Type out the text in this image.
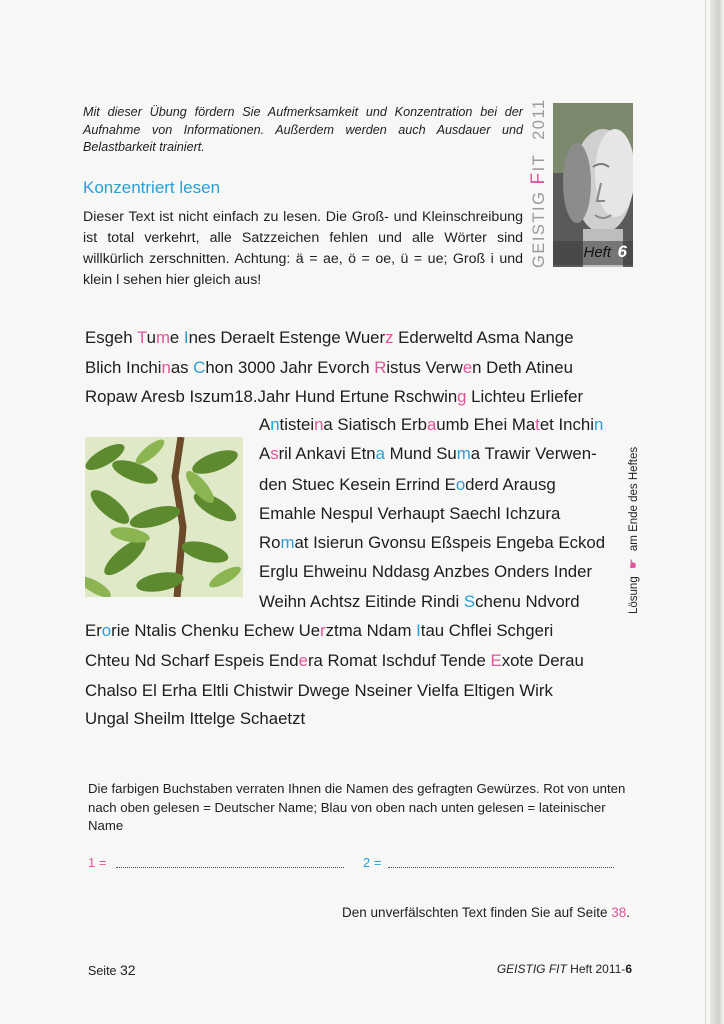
Mit dieser Übung fördern Sie Aufmerksamkeit und Konzentration bei der Aufnahme von Informationen. Außerdem werden auch Ausdauer und Belastbarkeit trainiert.

Konzentriert lesen

Dieser Text ist nicht einfach zu lesen. Die Groß- und Kleinschreibung ist total verkehrt, alle Satzzeichen fehlen und alle Wörter sind willkürlich zerschnitten. Achtung: ä = ae, ö = oe, ü = ue; Groß i und klein l sehen hier gleich aus!

GEISTIG FIT 2011
Heft 6
Esgeh Tume Ines Deraelt Estenge Wuerz Ederweltd Asma Nange
Blich Inchinas Chon 3000 Jahr Evorch Ristus Verwen Deth Atineu
Ropaw Aresb Iszum18.Jahr Hund Ertune Rschwing Lichteu Erliefer
Antisteina Siatisch Erbaumb Ehei Matet Inchin
Asril Ankavi Etna Mund Suma Trawir Verwen-
den Stuec Kesein Errind Eoderd Arausg
Emahle Nespul Verhaupt Saechl Ichzura
Romat Isierun Gvonsu Eßspeis Engeba Eckod
Erglu Ehweinu Nddasg Anzbes Onders Inder
Weihn Achtsz Eitinde Rindi Schenu Ndvord
Erorie Ntalis Chenku Echew Uerztma Ndam Itau Chflei Schgeri
Chteu Nd Scharf Espeis Endera Romat Ischduf Tende Exote Derau
Chalso El Erha Eltli Chistwir Dwege Nseiner Vielfa Eltigen Wirk
Ungal Sheilm Ittelge Schaetzt
Lösung ☛ am Ende des Heftes

Die farbigen Buchstaben verraten Ihnen die Namen des gefragten Gewürzes. Rot von unten nach oben gelesen = Deutscher Name; Blau von oben nach unten gelesen = lateinischer Name

1 =	2 =
Den unverfälschten Text finden Sie auf Seite 38.
Seite 32	GEISTIG FIT Heft 2011-6
